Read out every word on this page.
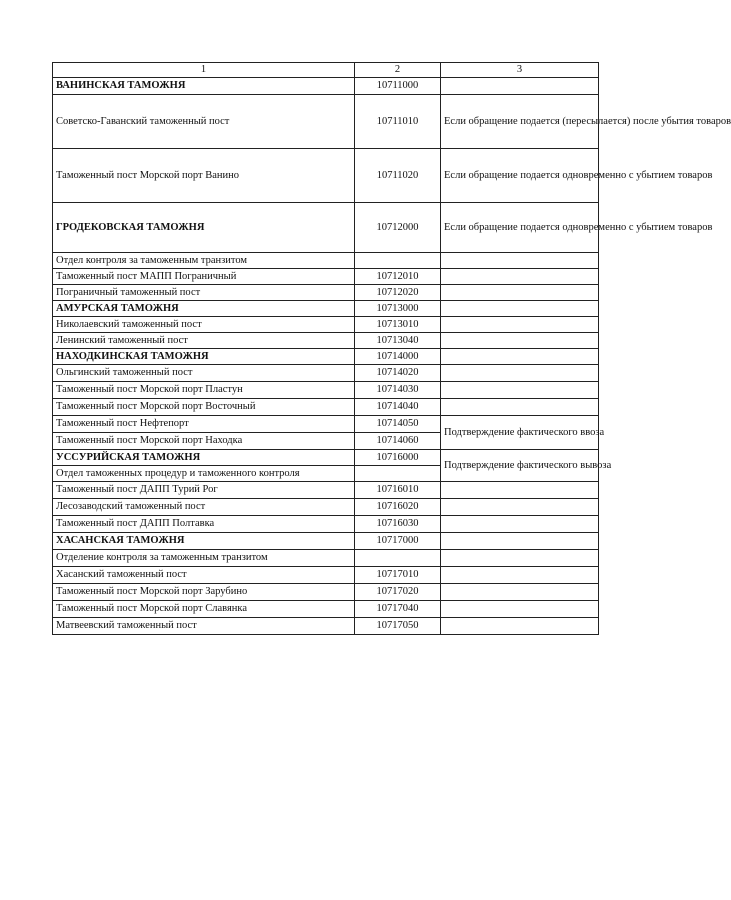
1	2	3
ВАНИНСКАЯ ТАМОЖНЯ	10711000	
Советско-Гаванский таможенный пост	10711010	Если обращение подается (пересылается) после убытия товаров
Таможенный пост Морской порт Ванино	10711020	Если обращение подается одновременно с убытием товаров
ГРОДЕКОВСКАЯ ТАМОЖНЯ	10712000	Если обращение подается одновременно с убытием товаров
Отдел контроля за таможенным транзитом		
Таможенный пост МАПП Пограничный	10712010	
Пограничный таможенный пост	10712020	
АМУРСКАЯ ТАМОЖНЯ	10713000	
Николаевский таможенный пост	10713010	
Ленинский таможенный пост	10713040	
НАХОДКИНСКАЯ ТАМОЖНЯ	10714000	
Ольгинский таможенный пост	10714020	
Таможенный пост Морской порт Пластун	10714030	
Таможенный пост Морской порт Восточный	10714040	
Таможенный пост Нефтепорт	10714050	Подтверждение фактического ввоза
Таможенный пост Морской порт Находка	10714060	
УССУРИЙСКАЯ ТАМОЖНЯ	10716000	Подтверждение фактического вывоза
Отдел таможенных процедур и таможенного контроля		
Таможенный пост ДАПП Турий Рог	10716010	
Лесозаводский таможенный пост	10716020	
Таможенный пост ДАПП Полтавка	10716030	
ХАСАНСКАЯ ТАМОЖНЯ	10717000	
Отделение контроля за таможенным транзитом		
Хасанский таможенный пост	10717010	
Таможенный пост Морской порт Зарубино	10717020	
Таможенный пост Морской порт Славянка	10717040	
Матвеевский таможенный пост	10717050	
